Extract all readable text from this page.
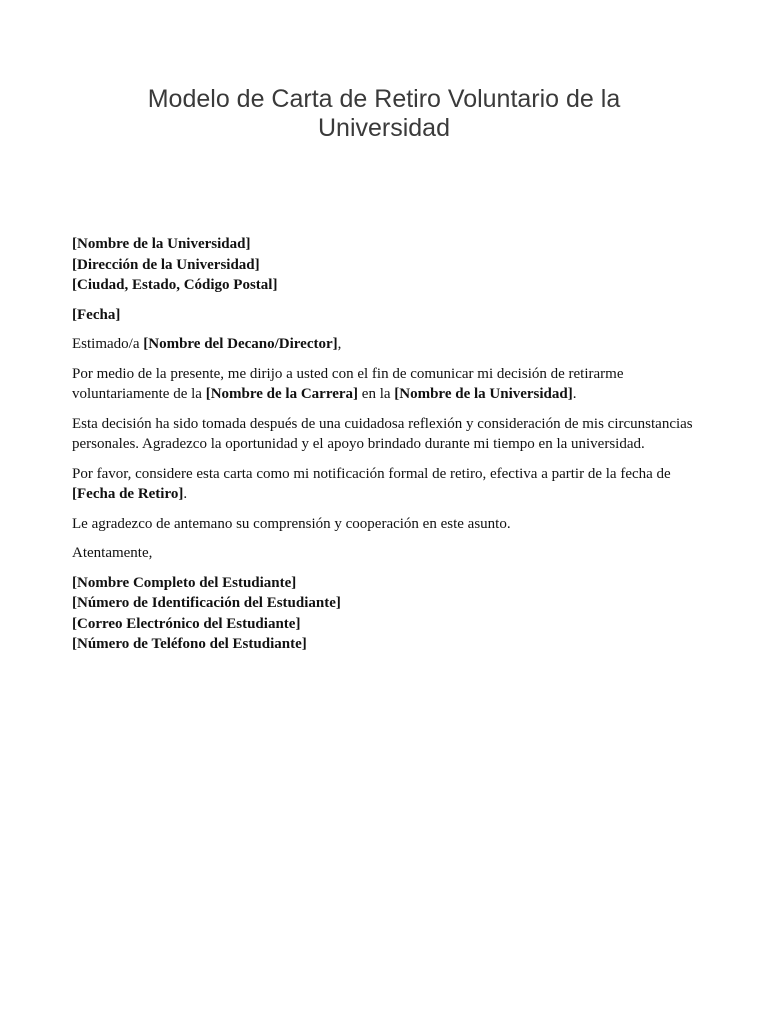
Modelo de Carta de Retiro Voluntario de la
Universidad

[Nombre de la Universidad]
[Dirección de la Universidad]
[Ciudad, Estado, Código Postal]

[Fecha]

Estimado/a [Nombre del Decano/Director],

Por medio de la presente, me dirijo a usted con el fin de comunicar mi decisión de retirarme voluntariamente de la [Nombre de la Carrera] en la [Nombre de la Universidad].

Esta decisión ha sido tomada después de una cuidadosa reflexión y consideración de mis circunstancias personales. Agradezco la oportunidad y el apoyo brindado durante mi tiempo en la universidad.

Por favor, considere esta carta como mi notificación formal de retiro, efectiva a partir de la fecha de [Fecha de Retiro].

Le agradezco de antemano su comprensión y cooperación en este asunto.

Atentamente,

[Nombre Completo del Estudiante]
[Número de Identificación del Estudiante]
[Correo Electrónico del Estudiante]
[Número de Teléfono del Estudiante]
